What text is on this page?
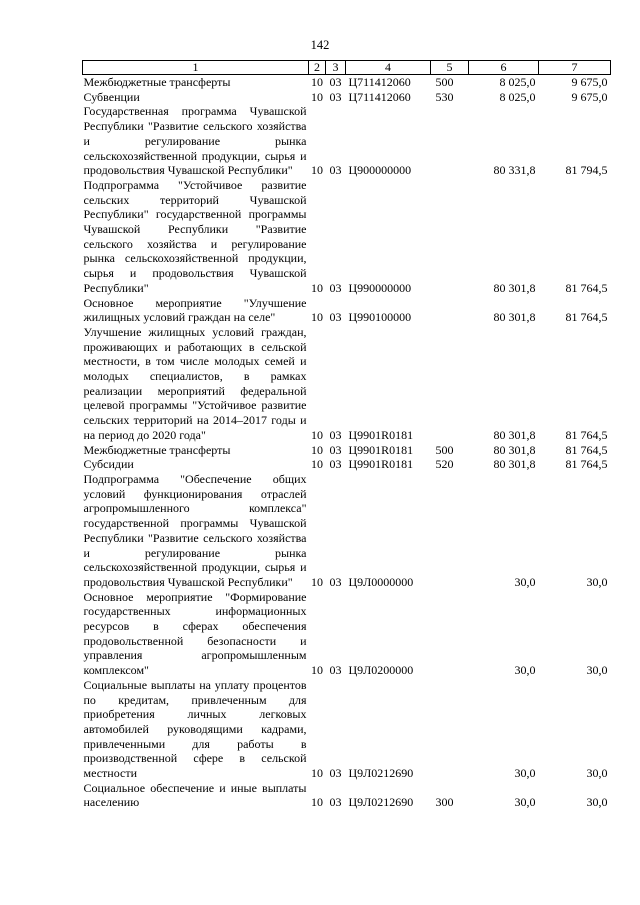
142
1	2	3	4	5	6	7
Межбюджетные трансферты	10	03	Ц711412060	500	8 025,0	9 675,0
Субвенции	10	03	Ц711412060	530	8 025,0	9 675,0
Государственная программа Чувашской Республики "Развитие сельского хозяйства и регулирование рынка сельскохозяйственной продукции, сырья и продовольствия Чувашской Республики"	10	03	Ц900000000		80 331,8	81 794,5
Подпрограмма "Устойчивое развитие сельских территорий Чувашской Республики" государственной программы Чувашской Республики "Развитие сельского хозяйства и регулирование рынка сельскохозяйственной продукции, сырья и продовольствия Чувашской Республики"	10	03	Ц990000000		80 301,8	81 764,5
Основное мероприятие "Улучшение жилищных условий граждан на селе"	10	03	Ц990100000		80 301,8	81 764,5
Улучшение жилищных условий граждан, проживающих и работающих в сельской местности, в том числе молодых семей и молодых специалистов, в рамках реализации мероприятий федеральной целевой программы "Устойчивое развитие сельских территорий на 2014–2017 годы и на период до 2020 года"	10	03	Ц9901R0181		80 301,8	81 764,5
Межбюджетные трансферты	10	03	Ц9901R0181	500	80 301,8	81 764,5
Субсидии	10	03	Ц9901R0181	520	80 301,8	81 764,5
Подпрограмма "Обеспечение общих условий функционирования отраслей агропромышленного комплекса" государственной программы Чувашской Республики "Развитие сельского хозяйства и регулирование рынка сельскохозяйственной продукции, сырья и продовольствия Чувашской Республики"	10	03	Ц9Л0000000		30,0	30,0
Основное мероприятие "Формирование государственных информационных ресурсов в сферах обеспечения продовольственной безопасности и управления агропромышленным комплексом"	10	03	Ц9Л0200000		30,0	30,0
Социальные выплаты на уплату процентов по кредитам, привлеченным для приобретения личных легковых автомобилей руководящими кадрами, привлеченными для работы в производственной сфере в сельской местности	10	03	Ц9Л0212690		30,0	30,0
Социальное обеспечение и иные выплаты населению	10	03	Ц9Л0212690	300	30,0	30,0
